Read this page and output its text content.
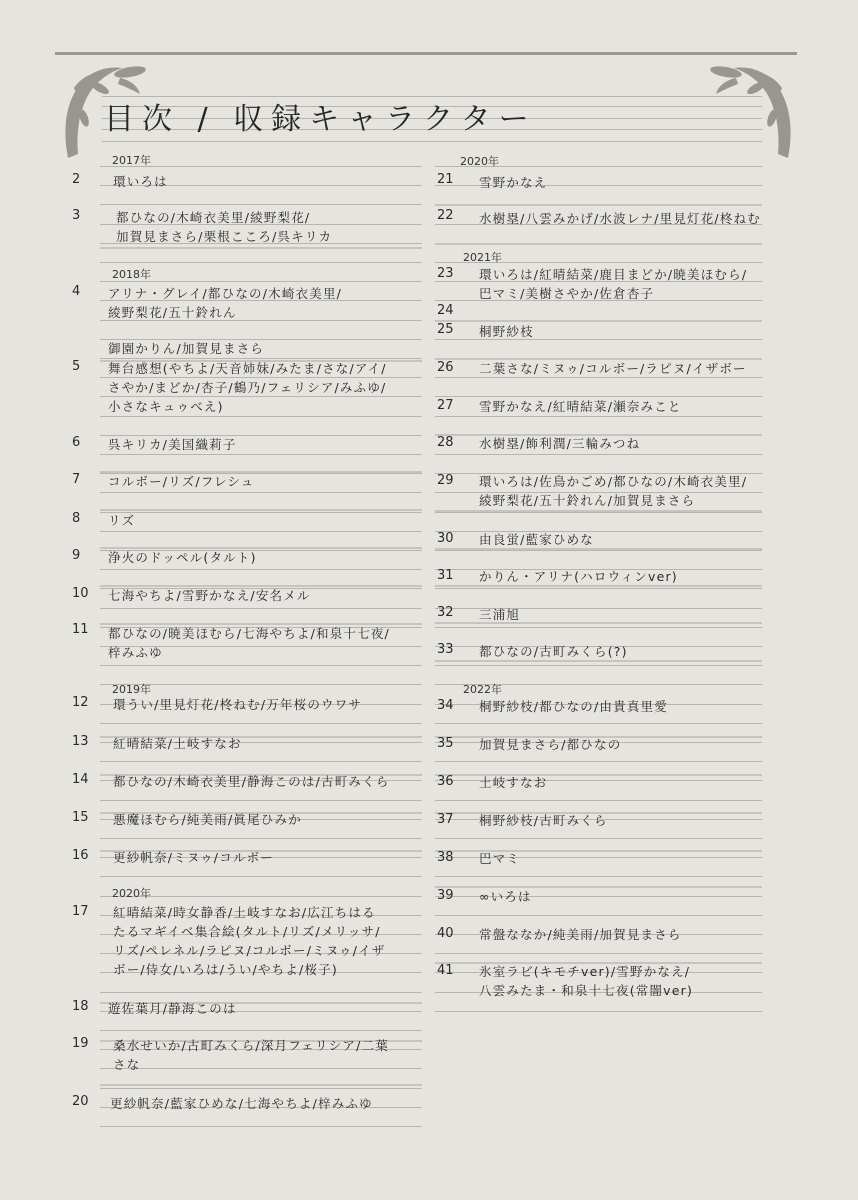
目次 / 収録キャラクター
2017年
2018年
2019年
2020年
2020年
2021年
2022年
2	環いろは
3	都ひなの/木崎衣美里/綾野梨花/
加賀見まさら/栗根こころ/呉キリカ
4 アリナ・グレイ/都ひなの/木崎衣美里/
綾野梨花/五十鈴れん
御園かりん/加賀見まさら
5 舞台感想(やちよ/天音姉妹/みたま/さな/アイ/
さやか/まどか/杏子/鶴乃/フェリシア/みふゆ/
小さなキュゥべえ)
6 呉キリカ/美国織莉子
7 コルボー/リズ/フレシュ
8 リズ
9 浄火のドッペル(タルト)
10 七海やちよ/雪野かなえ/安名メル
11 都ひなの/暁美ほむら/七海やちよ/和泉十七夜/
梓みふゆ
12 環うい/里見灯花/柊ねむ/万年桜のウワサ
13 紅晴結菜/土岐すなお
14 都ひなの/木崎衣美里/静海このは/古町みくら
15 悪魔ほむら/純美雨/眞尾ひみか
16 更紗帆奈/ミヌゥ/コルボー
17 紅晴結菜/時女静香/土岐すなお/広江ちはる
たるマギイベ集合絵(タルト/リズ/メリッサ/
リズ/ペレネル/ラピヌ/コルボー/ミヌゥ/イザ
ボー/侍女/いろは/うい/やちよ/桜子)
18 遊佐葉月/静海このは
19 桑水せいか/古町みくら/深月フェリシア/二葉
さな
20 更紗帆奈/藍家ひめな/七海やちよ/梓みふゆ
21 雪野かなえ
22 水樹塁/八雲みかげ/水波レナ/里見灯花/柊ねむ
23 環いろは/紅晴結菜/鹿目まどか/暁美ほむら/
巴マミ/美樹さやか/佐倉杏子
24
25 桐野紗枝
26 二葉さな/ミヌゥ/コルボー/ラピヌ/イザボー
27 雪野かなえ/紅晴結菜/瀬奈みこと
28 水樹塁/飾利潤/三輪みつね
29 環いろは/佐鳥かごめ/都ひなの/木崎衣美里/
綾野梨花/五十鈴れん/加賀見まさら
30 由良蛍/藍家ひめな
31 かりん・アリナ(ハロウィンver)
32 三浦旭
33 都ひなの/古町みくら(?)
34 桐野紗枝/都ひなの/由貴真里愛
35 加賀見まさら/都ひなの
36 土岐すなお
37 桐野紗枝/古町みくら
38 巴マミ
39 ∞いろは
40 常盤ななか/純美雨/加賀見まさら
41 氷室ラビ(キモチver)/雪野かなえ/
八雲みたま・和泉十七夜(常闇ver)
